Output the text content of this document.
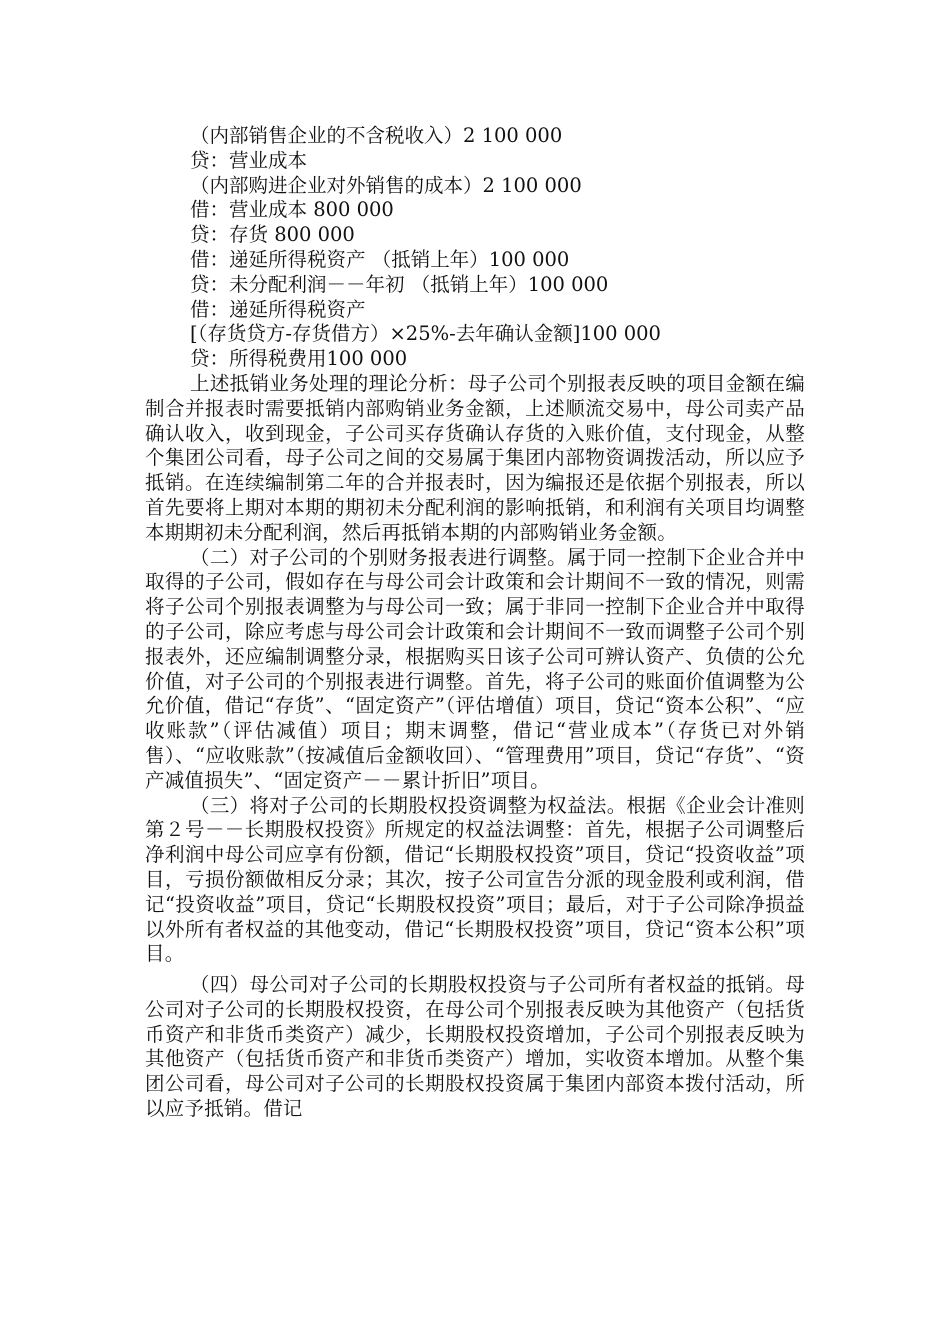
（内部销售企业的不含税收入）2 100 000

贷：营业成本

（内部购进企业对外销售的成本）2 100 000

借：营业成本 800 000

贷：存货 800 000

借：递延所得税资产 （抵销上年）100 000

贷：未分配利润－－年初 （抵销上年）100 000

借：递延所得税资产

[（存货贷方-存货借方）×25%-去年确认金额]100 000

贷：所得税费用100 000

上述抵销业务处理的理论分析：母子公司个别报表反映的项目金额在编制合并报表时需要抵销内部购销业务金额，上述顺流交易中，母公司卖产品确认收入，收到现金，子公司买存货确认存货的入账价值，支付现金，从整个集团公司看，母子公司之间的交易属于集团内部物资调拨活动，所以应予抵销。在连续编制第二年的合并报表时，因为编报还是依据个别报表，所以首先要将上期对本期的期初未分配利润的影响抵销，和利润有关项目均调整本期期初未分配利润，然后再抵销本期的内部购销业务金额。

（二）对子公司的个别财务报表进行调整。属于同一控制下企业合并中取得的子公司，假如存在与母公司会计政策和会计期间不一致的情况，则需将子公司个别报表调整为与母公司一致；属于非同一控制下企业合并中取得的子公司，除应考虑与母公司会计政策和会计期间不一致而调整子公司个别报表外，还应编制调整分录，根据购买日该子公司可辨认资产、负债的公允价值，对子公司的个别报表进行调整。首先，将子公司的账面价值调整为公允价值，借记“存货”、“固定资产”（评估增值）项目，贷记“资本公积”、“应收账款”（评估减值）项目；期末调整，借记“营业成本”（存货已对外销售）、“应收账款”（按减值后金额收回）、“管理费用”项目，贷记“存货”、“资产减值损失”、“固定资产－－累计折旧”项目。

（三）将对子公司的长期股权投资调整为权益法。根据《企业会计准则第２号－－长期股权投资》所规定的权益法调整：首先，根据子公司调整后净利润中母公司应享有份额，借记“长期股权投资”项目，贷记“投资收益”项目，亏损份额做相反分录；其次，按子公司宣告分派的现金股利或利润，借记“投资收益”项目，贷记“长期股权投资”项目；最后，对于子公司除净损益以外所有者权益的其他变动，借记“长期股权投资”项目，贷记“资本公积”项目。

（四）母公司对子公司的长期股权投资与子公司所有者权益的抵销。母公司对子公司的长期股权投资，在母公司个别报表反映为其他资产（包括货币资产和非货币类资产）减少，长期股权投资增加，子公司个别报表反映为其他资产（包括货币资产和非货币类资产）增加，实收资本增加。从整个集团公司看，母公司对子公司的长期股权投资属于集团内部资本拨付活动，所以应予抵销。借记
